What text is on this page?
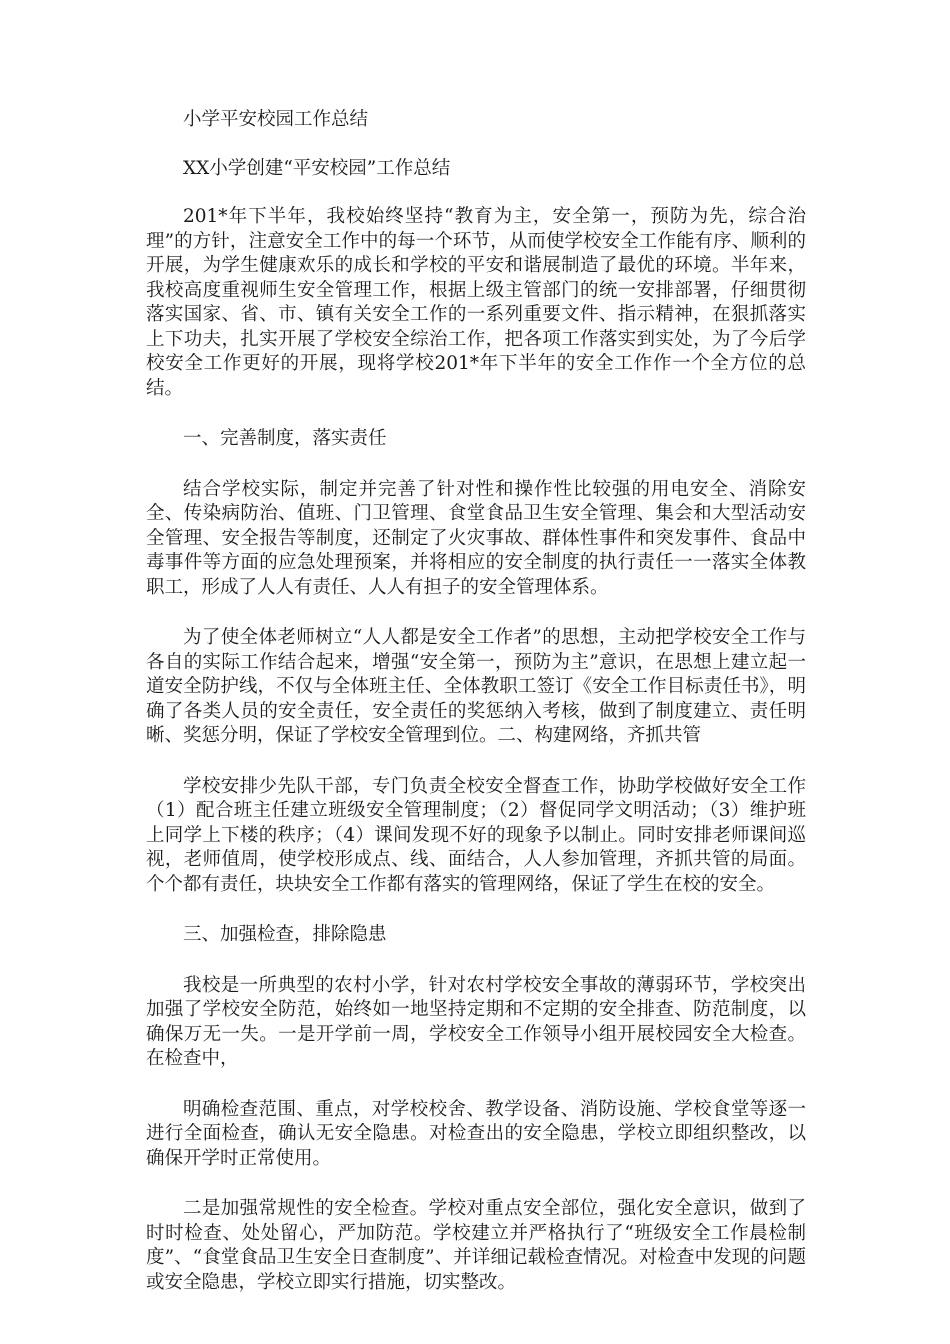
小学平安校园工作总结

XX小学创建“平安校园”工作总结

201*年下半年，我校始终坚持“教育为主，安全第一，预防为先，综合治理”的方针，注意安全工作中的每一个环节，从而使学校安全工作能有序、顺利的开展，为学生健康欢乐的成长和学校的平安和谐展制造了最优的环境。半年来，我校高度重视师生安全管理工作，根据上级主管部门的统一安排部署，仔细贯彻落实国家、省、市、镇有关安全工作的一系列重要文件、指示精神，在狠抓落实上下功夫，扎实开展了学校安全综治工作，把各项工作落实到实处，为了今后学校安全工作更好的开展，现将学校201*年下半年的安全工作作一个全方位的总结。

一、完善制度，落实责任

结合学校实际，制定并完善了针对性和操作性比较强的用电安全、消除安全、传染病防治、值班、门卫管理、食堂食品卫生安全管理、集会和大型活动安全管理、安全报告等制度，还制定了火灾事故、群体性事件和突发事件、食品中毒事件等方面的应急处理预案，并将相应的安全制度的执行责任一一落实全体教职工，形成了人人有责任、人人有担子的安全管理体系。

为了使全体老师树立“人人都是安全工作者”的思想，主动把学校安全工作与各自的实际工作结合起来，增强“安全第一，预防为主”意识，在思想上建立起一道安全防护线，不仅与全体班主任、全体教职工签订《安全工作目标责任书》，明确了各类人员的安全责任，安全责任的奖惩纳入考核，做到了制度建立、责任明晰、奖惩分明，保证了学校安全管理到位。二、构建网络，齐抓共管

学校安排少先队干部，专门负责全校安全督查工作，协助学校做好安全工作（1）配合班主任建立班级安全管理制度；（2）督促同学文明活动；（3）维护班上同学上下楼的秩序；（4）课间发现不好的现象予以制止。同时安排老师课间巡视，老师值周，使学校形成点、线、面结合，人人参加管理，齐抓共管的局面。个个都有责任，块块安全工作都有落实的管理网络，保证了学生在校的安全。

三、加强检查，排除隐患

我校是一所典型的农村小学，针对农村学校安全事故的薄弱环节，学校突出加强了学校安全防范，始终如一地坚持定期和不定期的安全排查、防范制度，以确保万无一失。一是开学前一周，学校安全工作领导小组开展校园安全大检查。在检查中，

明确检查范围、重点，对学校校舍、教学设备、消防设施、学校食堂等逐一进行全面检查，确认无安全隐患。对检查出的安全隐患，学校立即组织整改，以确保开学时正常使用。

二是加强常规性的安全检查。学校对重点安全部位，强化安全意识，做到了时时检查、处处留心，严加防范。学校建立并严格执行了“班级安全工作晨检制度”、“食堂食品卫生安全日查制度”、并详细记载检查情况。对检查中发现的问题或安全隐患，学校立即实行措施，切实整改。
